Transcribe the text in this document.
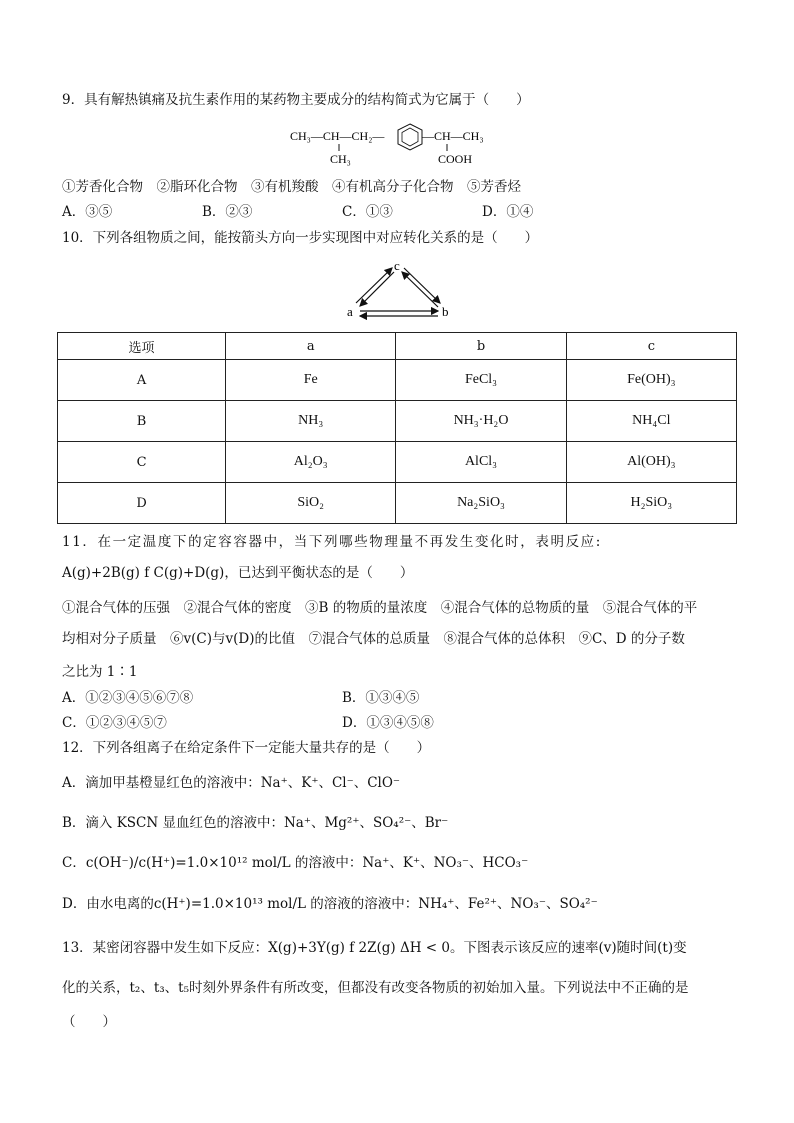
9．具有解热镇痛及抗生素作用的某药物主要成分的结构简式为它属于（　　）
CH₃—CH—CH₂—
CH₃
—CH—CH₃
COOH
①芳香化合物　②脂环化合物　③有机羧酸　④有机高分子化合物　⑤芳香烃
A．③⑤	B．②③	C．①③	D．①④
10．下列各组物质之间，能按箭头方向一步实现图中对应转化关系的是（　　）
c
a	b
选项	a	b	c
A	Fe	FeCl₃	Fe(OH)₃
B	NH₃	NH₃·H₂O	NH₄Cl
C	Al₂O₃	AlCl₃	Al(OH)₃
D	SiO₂	Na₂SiO₃	H₂SiO₃
11．在一定温度下的定容容器中，当下列哪些物理量不再发生变化时，表明反应:
A(g)+2B(g) f C(g)+D(g)，已达到平衡状态的是（　　）
①混合气体的压强　②混合气体的密度　③B 的物质的量浓度　④混合气体的总物质的量　⑤混合气体的平
均相对分子质量　⑥v(C)与v(D)的比值　⑦混合气体的总质量　⑧混合气体的总体积　⑨C、D 的分子数
之比为 1∶1
A．①②③④⑤⑥⑦⑧	B．①③④⑤
C．①②③④⑤⑦	D．①③④⑤⑧
12．下列各组离子在给定条件下一定能大量共存的是（　　）
A．滴加甲基橙显红色的溶液中：Na⁺、K⁺、Cl⁻、ClO⁻
B．滴入 KSCN 显血红色的溶液中：Na⁺、Mg²⁺、SO₄²⁻、Br⁻
C．c(OH⁻)/c(H⁺)=1.0×10¹² mol/L 的溶液中：Na⁺、K⁺、NO₃⁻、HCO₃⁻
D．由水电离的c(H⁺)=1.0×10¹³ mol/L 的溶液的溶液中：NH₄⁺、Fe²⁺、NO₃⁻、SO₄²⁻
13．某密闭容器中发生如下反应：X(g)+3Y(g) f 2Z(g) ΔH < 0。下图表示该反应的速率(v)随时间(t)变
化的关系，t₂、t₃、t₅时刻外界条件有所改变，但都没有改变各物质的初始加入量。下列说法中不正确的是
（　　）
